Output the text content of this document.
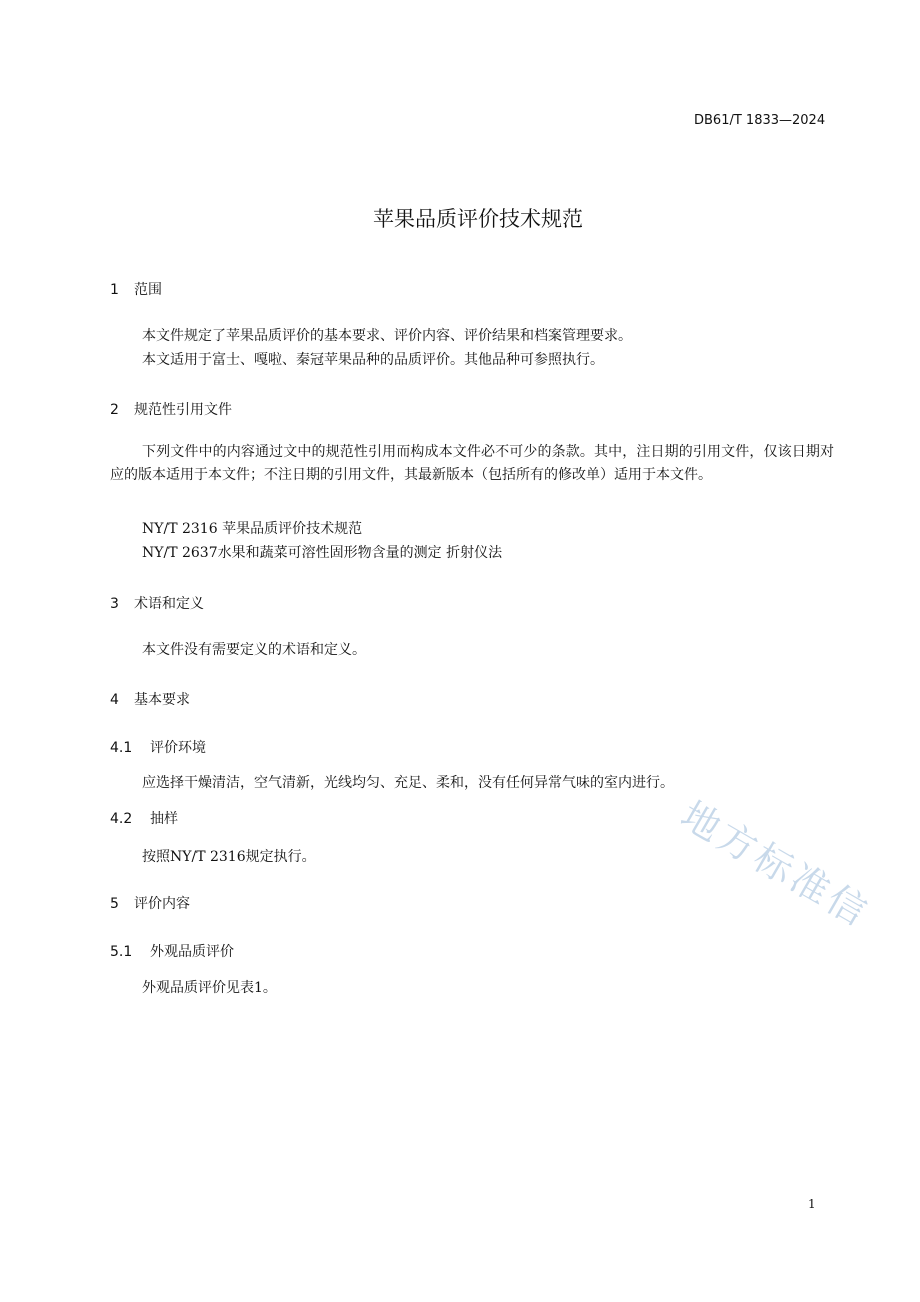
DB61/T 1833—2024
苹果品质评价技术规范
1 范围
本文件规定了苹果品质评价的基本要求、评价内容、评价结果和档案管理要求。
本文适用于富士、嘎啦、秦冠苹果品种的品质评价。其他品种可参照执行。
2 规范性引用文件
下列文件中的内容通过文中的规范性引用而构成本文件必不可少的条款。其中，注日期的引用文件，仅该日期对应的版本适用于本文件；不注日期的引用文件，其最新版本（包括所有的修改单）适用于本文件。
NY/T 2316 苹果品质评价技术规范
NY/T 2637水果和蔬菜可溶性固形物含量的测定 折射仪法
3 术语和定义
本文件没有需要定义的术语和定义。
4 基本要求
4.1 评价环境
应选择干燥清洁，空气清新，光线均匀、充足、柔和，没有任何异常气味的室内进行。
4.2 抽样
按照NY/T 2316规定执行。
5 评价内容
5.1 外观品质评价
外观品质评价见表1。
地方标准信
1
